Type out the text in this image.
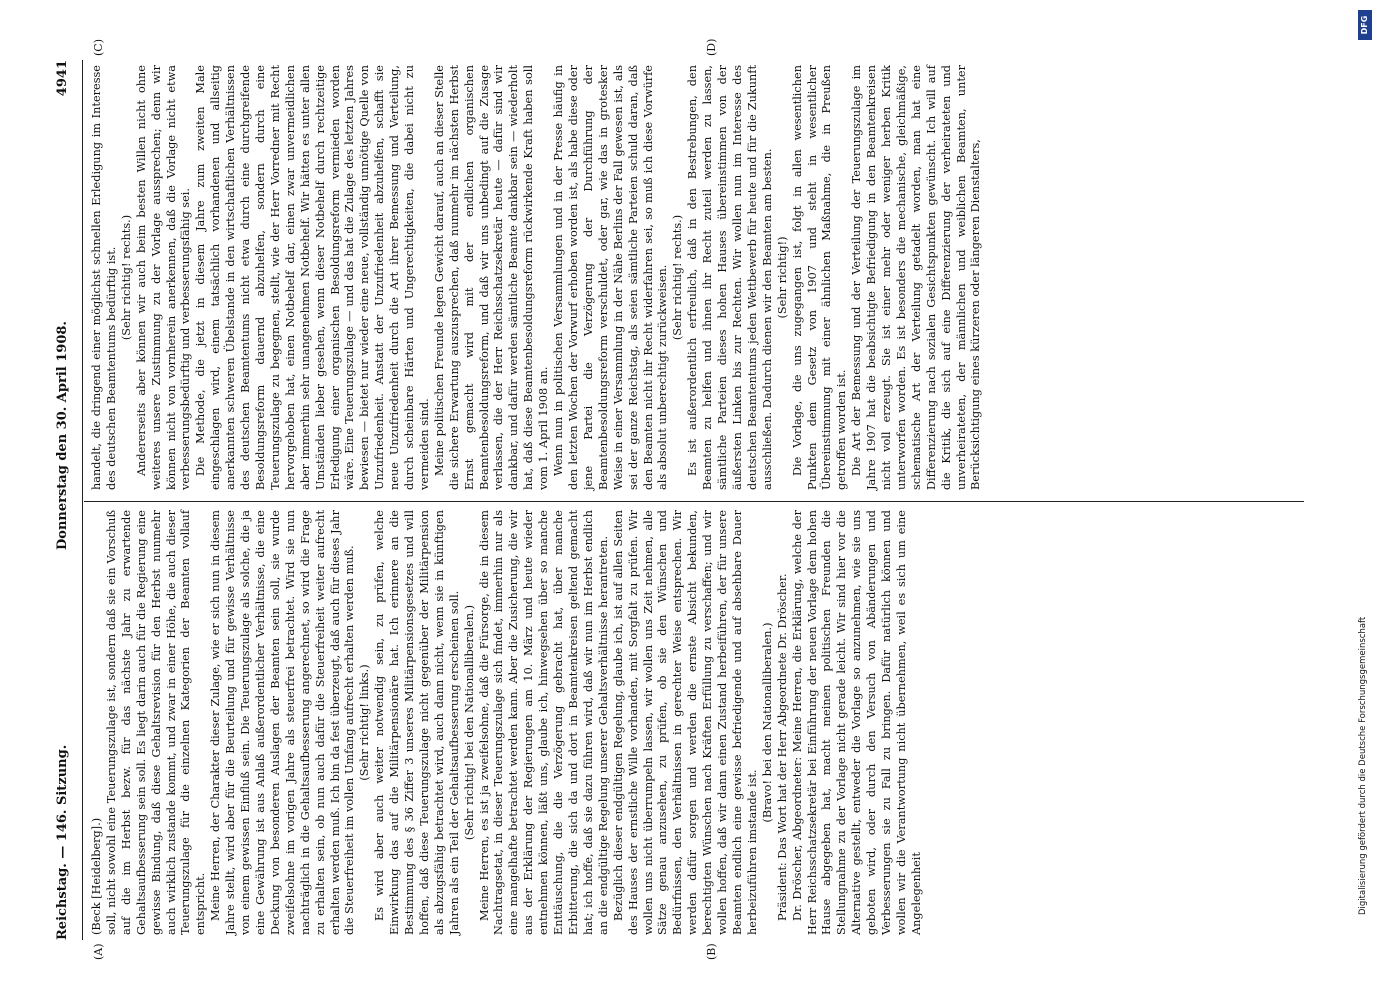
Reichstag. — 146. Sitzung.
Donnerstag den 30. April 1908.
4941
(A)	(B)
(C)	(D)

(Beck [Heidelberg].) soll, nicht sowohl eine Teuerungszulage ist, sondern daß sie ein Vorschuß auf die im Herbst bezw. für das nächste Jahr zu erwartende Gehaltsaufbesserung sein soll. Es liegt darin auch für die Regierung eine gewisse Bindung, daß diese Gehaltsrevision für den Herbst nunmehr auch wirklich zustande kommt, und zwar in einer Höhe, die auch dieser Teuerungszulage für die einzelnen Kategorien der Beamten vollauf entspricht. Meine Herren, der Charakter dieser Zulage, wie er sich nun in diesem Jahre stellt, wird aber für die Beurteilung und für gewisse Verhältnisse von einem gewissen Einfluß sein. Die Teuerungszulage als solche, die ja eine Gewährung ist aus Anlaß außerordentlicher Verhältnisse, die eine Deckung von besonderen Auslagen der Beamten sein soll, sie wurde zweifelsohne im vorigen Jahre als steuerfrei betrachtet. Wird sie nun nachträglich in die Gehaltsaufbesserung angerechnet, so wird die Frage zu erhalten sein, ob nun auch dafür die Steuerfreiheit weiter aufrecht erhalten werden muß. Ich bin da fest überzeugt, daß auch für dieses Jahr die Steuerfreiheit im vollen Umfang aufrecht erhalten werden muß. (Sehr richtig! links.) Es wird aber auch weiter notwendig sein, zu prüfen, welche Einwirkung das auf die Militärpensionäre hat. Ich erinnere an die Bestimmung des § 36 Ziffer 3 unseres Militärpensionsgesetzes und will hoffen, daß diese Teuerungszulage nicht gegenüber der Militärpension als abzugsfähig betrachtet wird, auch dann nicht, wenn sie in künftigen Jahren als ein Teil der Gehaltsaufbesserung erscheinen soll. (Sehr richtig! bei den Nationalliberalen.) Meine Herren, es ist ja zweifelsohne, daß die Fürsorge, die in diesem Nachtragsetat, in dieser Teuerungszulage sich findet, immerhin nur als eine mangelhafte betrachtet werden kann. Aber die Zusicherung, die wir aus der Erklärung der Regierungen am 10. März und heute wieder entnehmen können, läßt uns, glaube ich, hinwegsehen über so manche Enttäuschung, die die Verzögerung gebracht hat, über manche Erbitterung, die sich da und dort in Beamtenkreisen geltend gemacht hat; ich hoffe, daß sie dazu führen wird, daß wir nun im Herbst endlich an die endgültige Regelung unserer Gehaltsverhältnisse herantreten. Bezüglich dieser endgültigen Regelung, glaube ich, ist auf allen Seiten des Hauses der ernstliche Wille vorhanden, mit Sorgfalt zu prüfen. Wir wollen uns nicht überrumpeln lassen, wir wollen uns Zeit nehmen, alle Sätze genau anzusehen, zu prüfen, ob sie den Wünschen und Bedürfnissen, den Verhältnissen in gerechter Weise entsprechen. Wir werden dafür sorgen und werden die ernste Absicht bekunden, berechtigten Wünschen nach Kräften Erfüllung zu verschaffen; und wir wollen hoffen, daß wir dann einen Zustand herbeiführen, der für unsere Beamten endlich eine gewisse befriedigende und auf absehbare Dauer herbeizuführen imstande ist.

(Bravo! bei den Nationalliberalen.) Präsident: Das Wort hat der Herr Abgeordnete Dr. Dröscher. Dr. Dröscher, Abgeordneter: Meine Herren, die Erklärung, welche der Herr Reichsschatzsekretär bei Einführung der neuen Vorlage dem hohen Hause abgegeben hat, macht meinen politischen Freunden die Stellungnahme zu der Vorlage nicht gerade leicht. Wir sind hier vor die Alternative gestellt, entweder die Vorlage so anzunehmen, wie sie uns geboten wird, oder durch den Versuch von Abänderungen und Verbesserungen sie zu Fall zu bringen. Dafür natürlich können und wollen wir die Verantwortung nicht übernehmen, weil es sich um eine Angelegenheit

handelt, die dringend einer möglichst schnellen Erledigung im Interesse des deutschen Beamtentums bedürftig ist. (Sehr richtig! rechts.) Andererseits aber können wir auch beim besten Willen nicht ohne weiteres unsere Zustimmung zu der Vorlage aussprechen; denn wir können nicht von vornherein anerkennen, daß die Vorlage nicht etwa verbesserungsbedürftig und verbesserungsfähig sei. Die Methode, die jetzt in diesem Jahre zum zweiten Male eingeschlagen wird, einem tatsächlich vorhandenen und allseitig anerkannten schweren Übelstande in den wirtschaftlichen Verhältnissen des deutschen Beamtentums nicht etwa durch eine durchgreifende Besoldungsreform dauernd abzuhelfen, sondern durch eine Teuerungszulage zu begegnen, stellt, wie der Herr Vorredner mit Recht hervorgehoben hat, einen Notbehelf dar, einen zwar unvermeidlichen aber immerhin sehr unangenehmen Notbehelf. Wir hätten es unter allen Umständen lieber gesehen, wenn dieser Notbehelf durch rechtzeitige Erledigung einer organischen Besoldungsreform vermieden worden wäre. Eine Teuerungszulage — und das hat die Zulage des letzten Jahres bewiesen — bietet nur wieder eine neue, vollständig unnötige Quelle von Unzufriedenheit. Anstatt der Unzufriedenheit abzuhelfen, schafft sie neue Unzufriedenheit durch die Art ihrer Bemessung und Verteilung, durch scheinbare Härten und Ungerechtigkeiten, die dabei nicht zu vermeiden sind. Meine politischen Freunde legen Gewicht darauf, auch an dieser Stelle die sichere Erwartung auszusprechen, daß nunmehr im nächsten Herbst Ernst gemacht wird mit der endlichen organischen Beamtenbesoldungsreform, und daß wir uns unbedingt auf die Zusage verlassen, die der Herr Reichsschatzsekretär heute — dafür sind wir dankbar, und dafür werden sämtliche Beamte dankbar sein — wiederholt hat, daß diese Beamtenbesoldungsreform rückwirkende Kraft haben soll vom 1. April 1908 an. Wenn nun in politischen Versammlungen und in der Presse häufig in den letzten Wochen der Vorwurf erhoben worden ist, als habe diese oder jene Partei die Verzögerung der Durchführung der Beamtenbesoldungsreform verschuldet, oder gar, wie das in grotesker Weise in einer Versammlung in der Nähe Berlins der Fall gewesen ist, als sei der ganze Reichstag, als seien sämtliche Parteien schuld daran, daß den Beamten nicht ihr Recht widerfahren sei, so muß ich diese Vorwürfe als absolut unberechtigt zurückweisen. (Sehr richtig! rechts.) Es ist außerordentlich erfreulich, daß in den Bestrebungen, den Beamten zu helfen und ihnen ihr Recht zuteil werden zu lassen, sämtliche Parteien dieses hohen Hauses übereinstimmen von der äußersten Linken bis zur Rechten. Wir wollen nun im Interesse des deutschen Beamtentums jeden Wettbewerb für heute und für die Zukunft ausschließen. Dadurch dienen wir den Beamten am besten. (Sehr richtig!) Die Vorlage, die uns zugegangen ist, folgt in allen wesentlichen Punkten dem Gesetz von 1907 und steht in wesentlicher Übereinstimmung mit einer ähnlichen Maßnahme, die in Preußen getroffen worden ist. Die Art der Bemessung und der Verteilung der Teuerungszulage im Jahre 1907 hat die beabsichtigte Befriedigung in den Beamtenkreisen nicht voll erzeugt. Sie ist einer mehr oder weniger herben Kritik unterworfen worden. Es ist besonders die mechanische, gleichmäßige, schematische Art der Verteilung getadelt worden, man hat eine Differenzierung nach sozialen Gesichtspunkten gewünscht. Ich will auf die Kritik, die sich auf eine Differenzierung der verheirateten und unverheirateten, der männlichen und weiblichen Beamten, unter Berücksichtigung eines kürzeren oder längeren Dienstalters,

Digitalisierung gefördert durch die Deutsche Forschungsgemeinschaft
DFG
